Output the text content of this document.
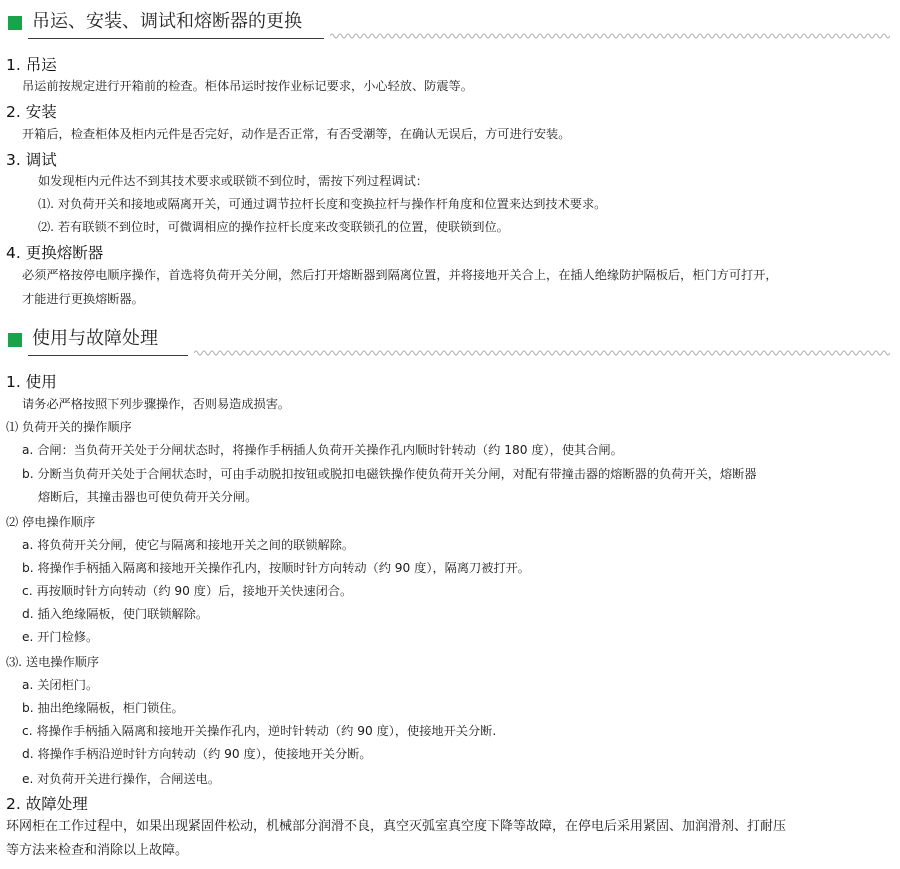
吊运、安装、调试和熔断器的更换
1. 吊运
吊运前按规定进行开箱前的检查。柜体吊运时按作业标记要求，小心轻放、防震等。
2. 安装
开箱后，检查柜体及柜内元件是否完好，动作是否正常，有否受潮等，在确认无误后，方可进行安装。
3. 调试
如发现柜内元件达不到其技术要求或联锁不到位时，需按下列过程调试：
⑴. 对负荷开关和接地或隔离开关，可通过调节拉杆长度和变换拉杆与操作杆角度和位置来达到技术要求。
⑵. 若有联锁不到位时，可微调相应的操作拉杆长度来改变联锁孔的位置，使联锁到位。
4. 更换熔断器
必须严格按停电顺序操作，首选将负荷开关分闸，然后打开熔断器到隔离位置，并将接地开关合上，在插人绝缘防护隔板后，柜门方可打开，
才能进行更换熔断器。
使用与故障处理
1. 使用
请务必严格按照下列步骤操作，否则易造成损害。
⑴ 负荷开关的操作顺序
a. 合闸：当负荷开关处于分闸状态时，将操作手柄插人负荷开关操作孔内顺时针转动（约 180 度），使其合闸。
b. 分断当负荷开关处于合闸状态时，可由手动脱扣按钮或脱扣电磁铁操作使负荷开关分闸，对配有带撞击器的熔断器的负荷开关，熔断器
熔断后，其撞击器也可使负荷开关分闸。
⑵ 停电操作顺序
a. 将负荷开关分闸，使它与隔离和接地开关之间的联锁解除。
b. 将操作手柄插入隔离和接地开关操作孔内，按顺时针方向转动（约 90 度），隔离刀被打开。
c. 再按顺时针方向转动（约 90 度）后，接地开关快速闭合。
d. 插入绝缘隔板，使门联锁解除。
e. 开门检修。
⑶. 送电操作顺序
a. 关闭柜门。
b. 抽出绝缘隔板，柜门锁住。
c. 将操作手柄插入隔离和接地开关操作孔内，逆时针转动（约 90 度），使接地开关分断.
d. 将操作手柄沿逆时针方向转动（约 90 度），使接地开关分断。
e. 对负荷开关进行操作，合闸送电。
2. 故障处理
环网柜在工作过程中，如果出现紧固件松动，机械部分润滑不良，真空灭弧室真空度下降等故障，在停电后采用紧固、加润滑剂、打耐压
等方法来检查和消除以上故障。
